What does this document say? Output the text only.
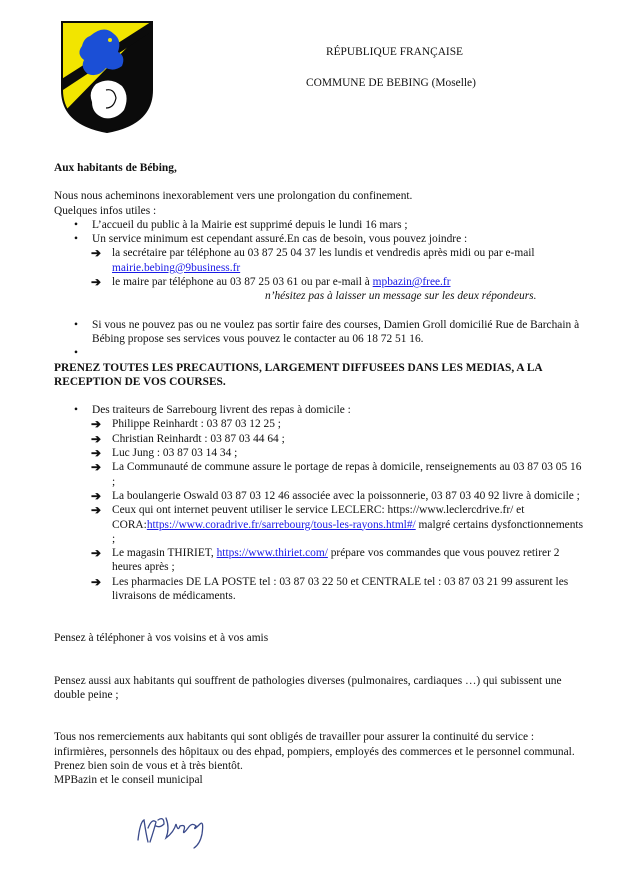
RÉPUBLIQUE FRANÇAISE
COMMUNE DE BEBING (Moselle)

Aux habitants de Bébing,

Nous nous acheminons inexorablement vers une prolongation du confinement.

Quelques infos utiles :

• L’accueil du public à la Mairie est supprimé depuis le lundi 16 mars ;

• Un service minimum est cependant assuré.En cas de besoin, vous pouvez joindre :

➔ la secrétaire par téléphone au 03 87 25 04 37 les lundis et vendredis après midi ou par e-mail mairie.bebing@9business.fr

➔ le maire par téléphone au 03 87 25 03 61 ou par e-mail à mpbazin@free.fr

n’hésitez pas à laisser un message sur les deux répondeurs.

• Si vous ne pouvez pas ou ne voulez pas sortir faire des courses, Damien Groll domicilié Rue de Barchain à Bébing propose ses services vous pouvez le contacter au 06 18 72 51 16.

•

PRENEZ TOUTES LES PRECAUTIONS, LARGEMENT DIFFUSEES DANS LES MEDIAS, A LA RECEPTION DE VOS COURSES.

• Des traiteurs de Sarrebourg livrent des repas à domicile :

➔ Philippe Reinhardt : 03 87 03 12 25 ;

➔ Christian Reinhardt : 03 87 03 44 64 ;

➔ Luc Jung : 03 87 03 14 34 ;

➔ La Communauté de commune assure le portage de repas à domicile, renseignements au 03 87 03 05 16 ;

➔ La boulangerie Oswald 03 87 03 12 46 associée avec la poissonnerie, 03 87 03 40 92 livre à domicile ;

➔ Ceux qui ont internet peuvent utiliser le service LECLERC: https://www.leclercdrive.fr/ et CORA:https://www.coradrive.fr/sarrebourg/tous-les-rayons.html#/ malgré certains dysfonctionnements ;

➔ Le magasin THIRIET, https://www.thiriet.com/ prépare vos commandes que vous pouvez retirer 2 heures après ;

➔ Les pharmacies DE LA POSTE tel : 03 87 03 22 50 et CENTRALE tel : 03 87 03 21 99 assurent les livraisons de médicaments.

Pensez à téléphoner à vos voisins et à vos amis

Pensez aussi aux habitants qui souffrent de pathologies diverses (pulmonaires, cardiaques …) qui subissent une double peine ;

Tous nos remerciements aux habitants qui sont obligés de travailler pour assurer la continuité du service : infirmières, personnels des hôpitaux ou des ehpad, pompiers, employés des commerces et le personnel communal.

Prenez bien soin de vous et à très bientôt.

MPBazin et le conseil municipal
